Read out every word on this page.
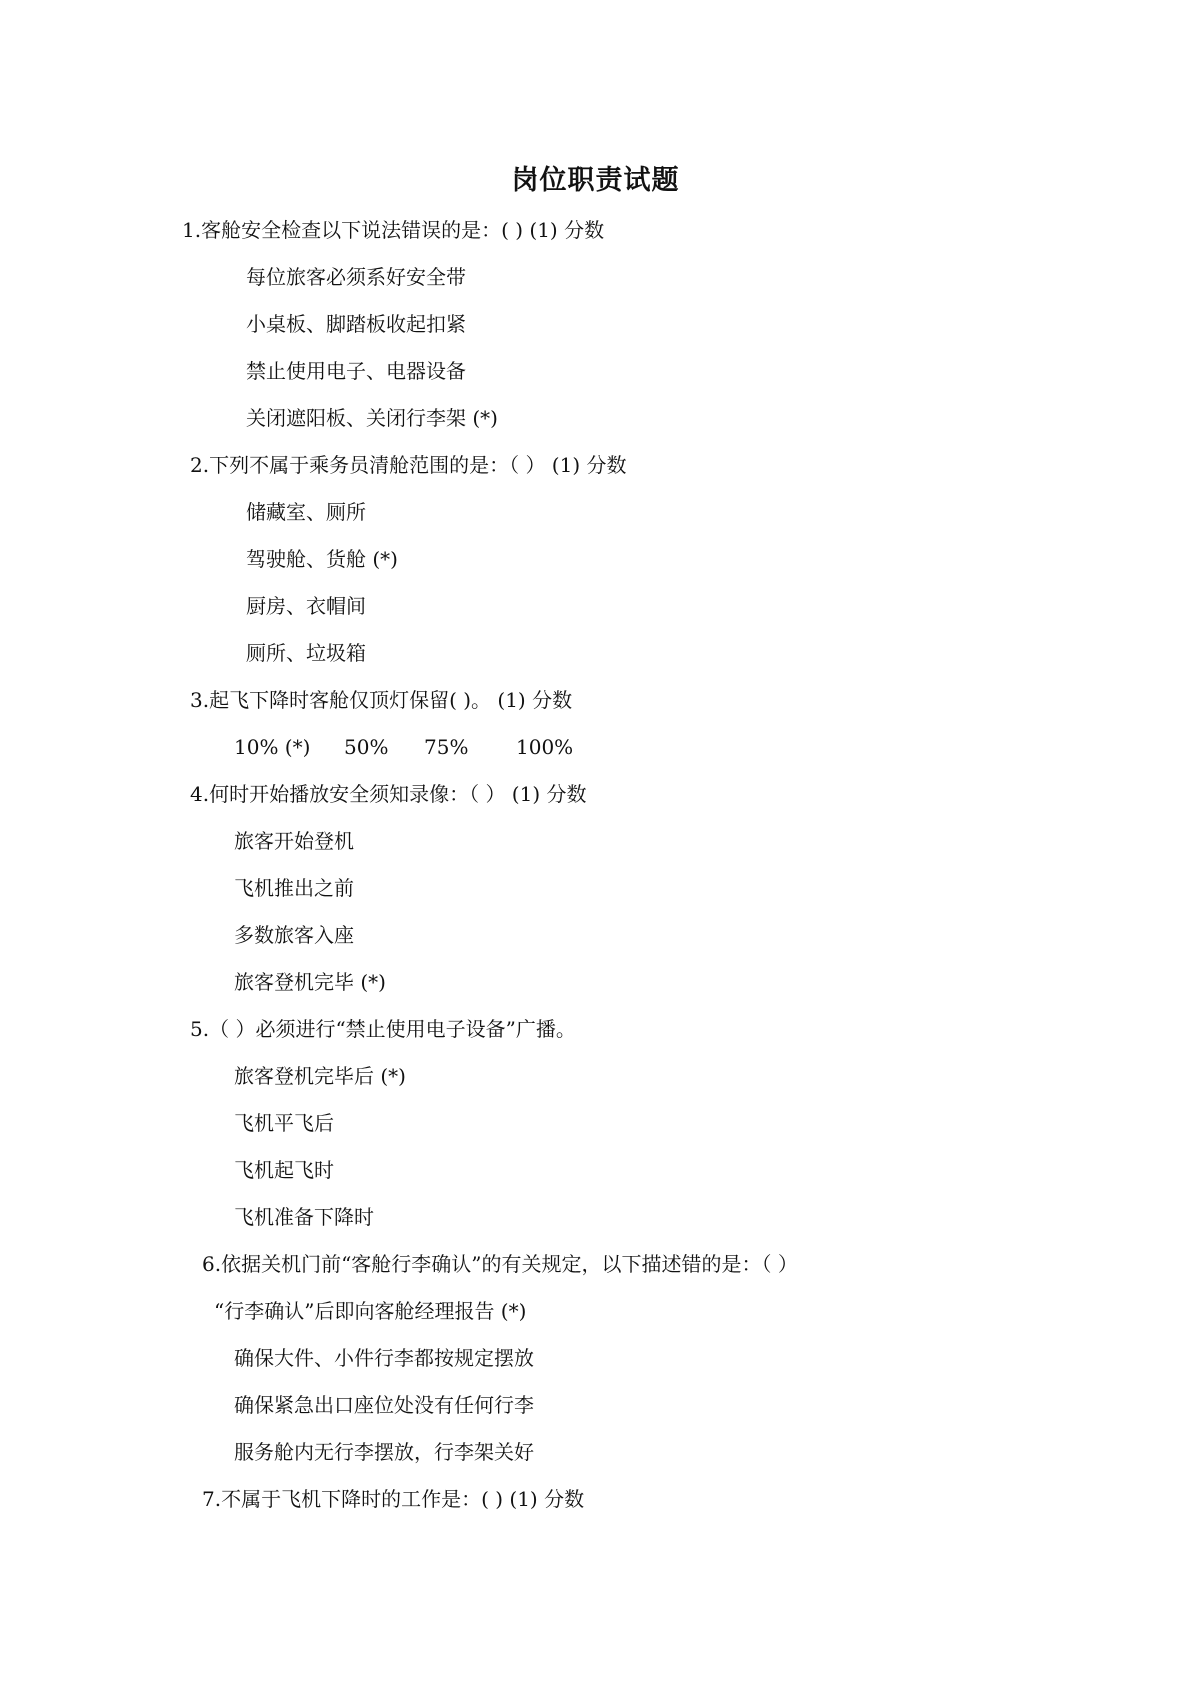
岗位职责试题
1.客舱安全检查以下说法错误的是：( ) (1) 分数
每位旅客必须系好安全带
小桌板、脚踏板收起扣紧
禁止使用电子、电器设备
关闭遮阳板、关闭行李架 (*)
2.下列不属于乘务员清舱范围的是：（ ） (1) 分数
储藏室、厕所
驾驶舱、货舱 (*)
厨房、衣帽间
厕所、垃圾箱
3.起飞下降时客舱仅顶灯保留( )。 (1) 分数
10% (*) 50% 75% 100%
4.何时开始播放安全须知录像：（ ） (1) 分数
旅客开始登机
飞机推出之前
多数旅客入座
旅客登机完毕 (*)
5.（ ）必须进行“禁止使用电子设备”广播。
旅客登机完毕后 (*)
飞机平飞后
飞机起飞时
飞机准备下降时
6.依据关机门前“客舱行李确认”的有关规定，以下描述错的是：（ ）
“行李确认”后即向客舱经理报告 (*)
确保大件、小件行李都按规定摆放
确保紧急出口座位处没有任何行李
服务舱内无行李摆放，行李架关好
7.不属于飞机下降时的工作是：( ) (1) 分数
